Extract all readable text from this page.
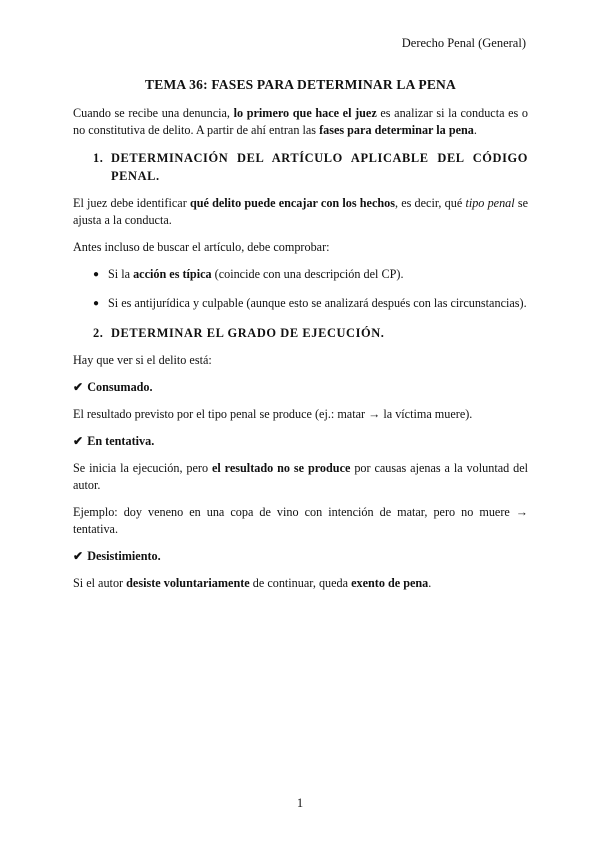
Derecho Penal (General)
TEMA 36: FASES PARA DETERMINAR LA PENA

Cuando se recibe una denuncia, lo primero que hace el juez es analizar si la conducta es o no constitutiva de delito. A partir de ahí entran las fases para determinar la pena.

1. DETERMINACIÓN DEL ARTÍCULO APLICABLE DEL CÓDIGO PENAL.

El juez debe identificar qué delito puede encajar con los hechos, es decir, qué tipo penal se ajusta a la conducta.

Antes incluso de buscar el artículo, debe comprobar:

● Si la acción es típica (coincide con una descripción del CP).
● Si es antijurídica y culpable (aunque esto se analizará después con las circunstancias).
2. DETERMINAR EL GRADO DE EJECUCIÓN.

Hay que ver si el delito está:

✔ Consumado.

El resultado previsto por el tipo penal se produce (ej.: matar → la víctima muere).

✔ En tentativa.

Se inicia la ejecución, pero el resultado no se produce por causas ajenas a la voluntad del autor.

Ejemplo: doy veneno en una copa de vino con intención de matar, pero no muere → tentativa.

✔ Desistimiento.

Si el autor desiste voluntariamente de continuar, queda exento de pena.

1
